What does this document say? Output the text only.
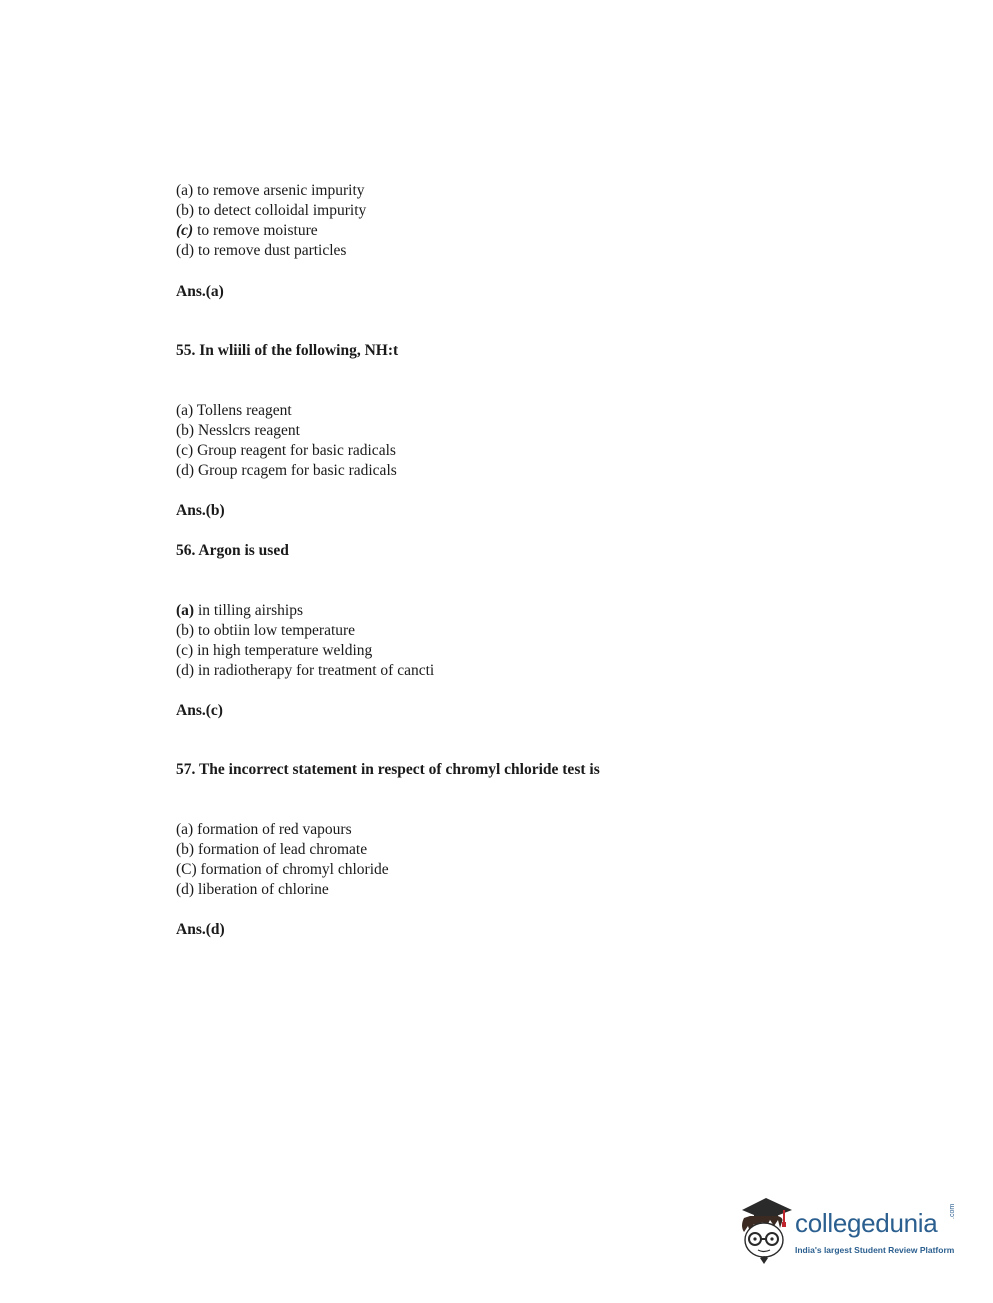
(a) to remove arsenic impurity
(b) to detect colloidal impurity
(c) to remove moisture
(d) to remove dust particles
Ans.(a)
55. In wliili of the following, NH:t
(a) Tollens reagent
(b) Nesslcrs reagent
(c) Group reagent for basic radicals
(d) Group rcagem for basic radicals
Ans.(b)
56. Argon is used
(a) in tilling airships
(b) to obtiin low temperature
(c) in high temperature welding
(d) in radiotherapy for treatment of cancti
Ans.(c)
57. The incorrect statement in respect of chromyl chloride test is
(a) formation of red vapours
(b) formation of lead chromate
(C) formation of chromyl chloride
(d) liberation of chlorine
Ans.(d)
collegedunia .com
India's largest Student Review Platform
